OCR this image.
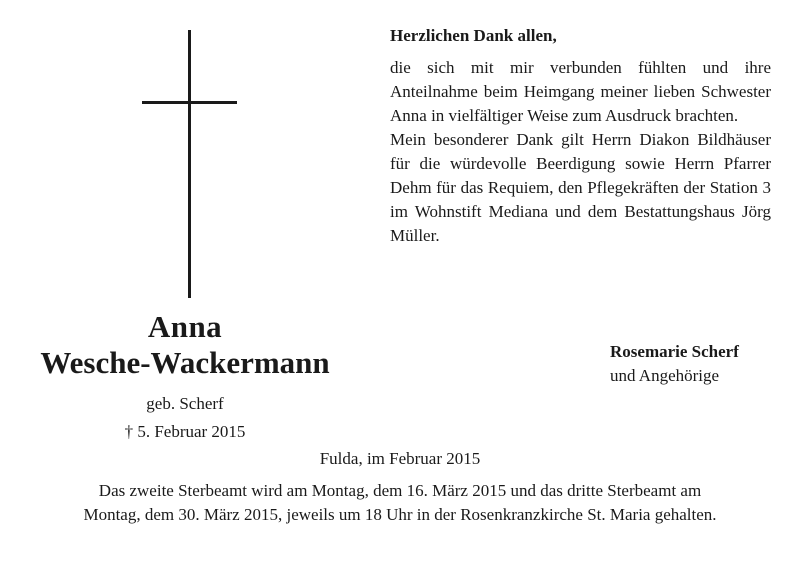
Anna
Wesche-Wackermann
geb. Scherf
† 5. Februar 2015
Herzlichen Dank allen,

die sich mit mir verbunden fühlten und ihre Anteilnahme beim Heimgang meiner lieben Schwester Anna in vielfältiger Weise zum Ausdruck brachten.

Mein besonderer Dank gilt Herrn Diakon Bildhäuser für die würdevolle Beerdigung sowie Herrn Pfarrer Dehm für das Requiem, den Pflegekräften der Station 3 im Wohnstift Mediana und dem Bestattungshaus Jörg Müller.

Rosemarie Scherf
und Angehörige
Fulda, im Februar 2015
Das zweite Sterbeamt wird am Montag, dem 16. März 2015 und das dritte Sterbeamt am Montag, dem 30. März 2015, jeweils um 18 Uhr in der Rosenkranzkirche St. Maria gehalten.
